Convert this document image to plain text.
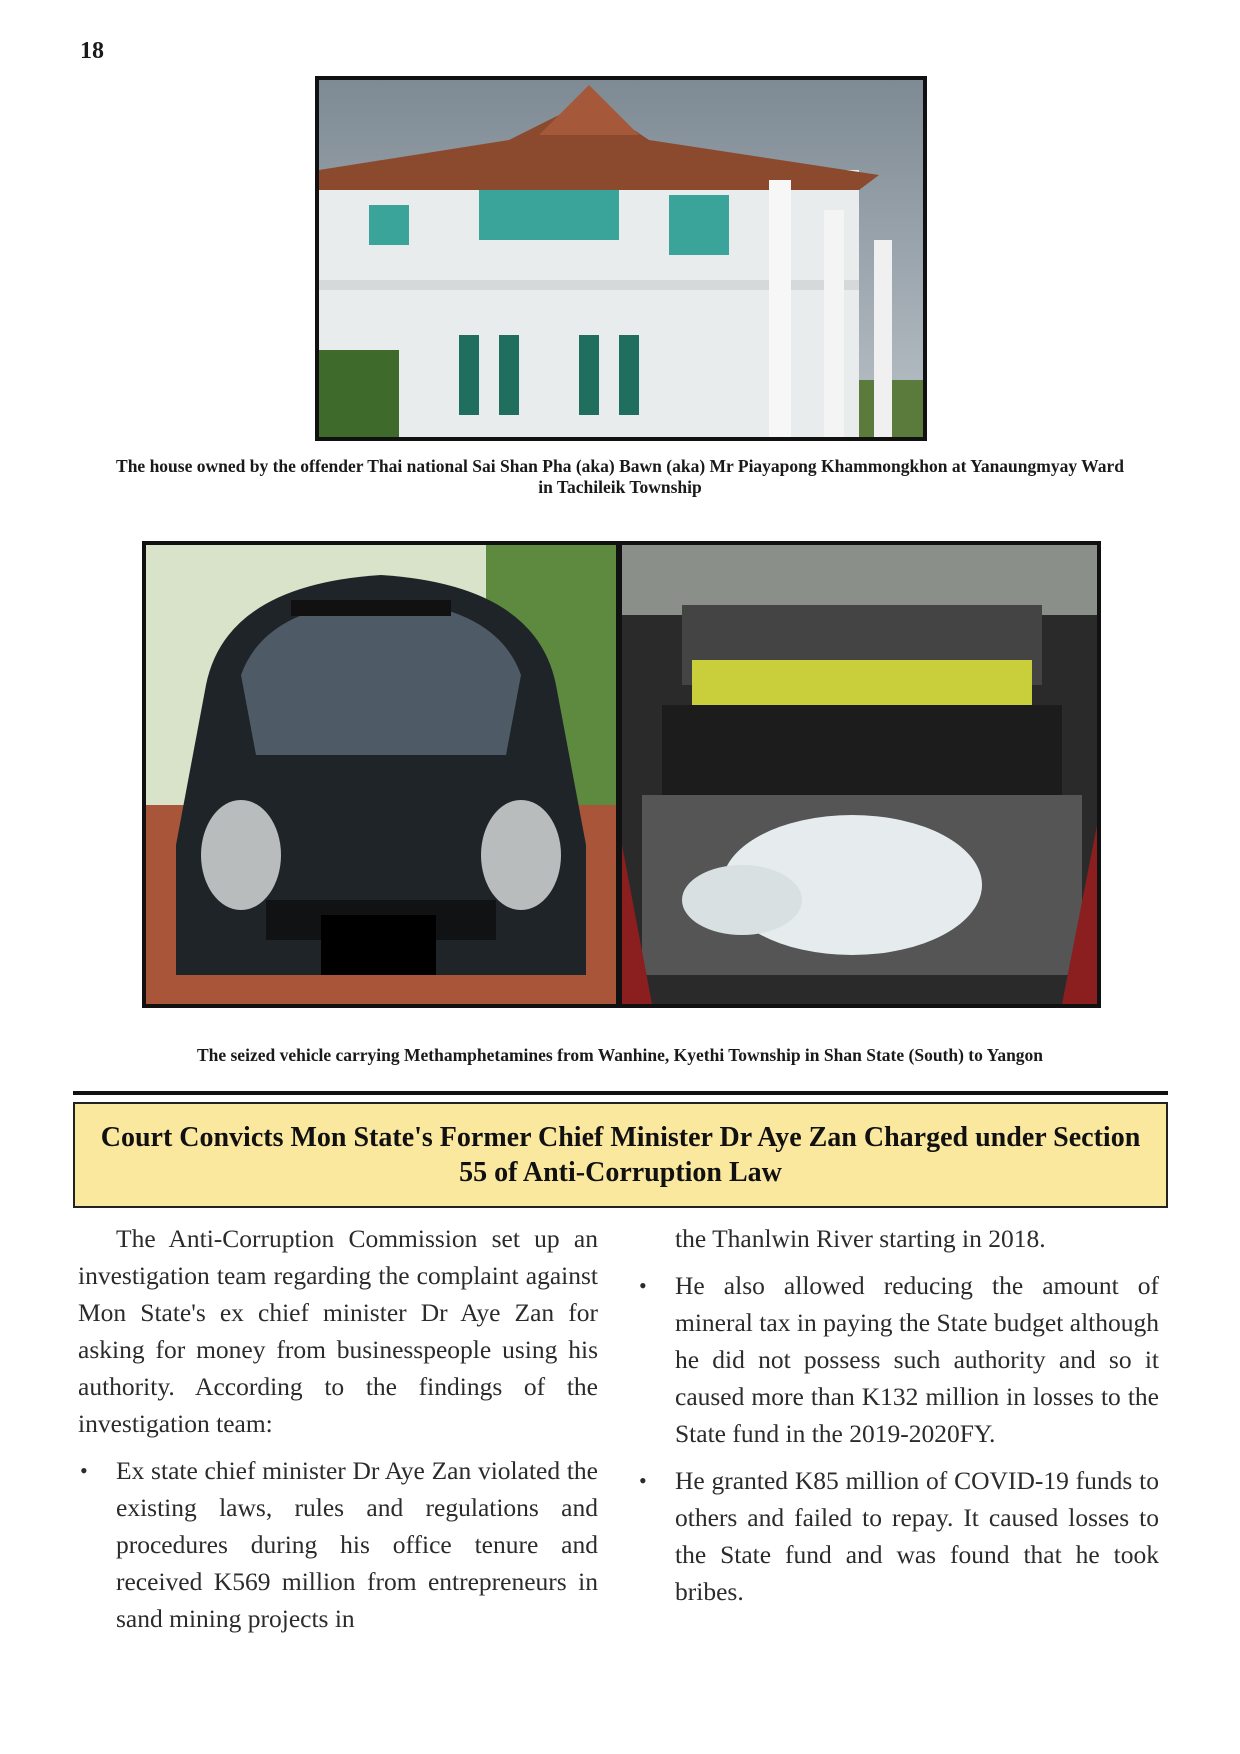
18
The house owned by the offender Thai national Sai Shan Pha (aka) Bawn (aka) Mr Piayapong Khammongkhon at Yanaungmyay Ward in Tachileik Township
The seized vehicle carrying Methamphetamines from Wanhine, Kyethi Township in Shan State (South) to Yangon
Court Convicts Mon State's Former Chief Minister Dr Aye Zan Charged under Section 55 of Anti-Corruption Law

The Anti-Corruption Commission set up an investigation team regarding the complaint against Mon State's ex chief minister Dr Aye Zan for asking for money from businesspeople using his authority. According to the findings of the investigation team:

• Ex state chief minister Dr Aye Zan violated the existing laws, rules and regulations and procedures during his office tenure and received K569 million from entrepreneurs in sand mining projects in

the Thanlwin River starting in 2018.

• He also allowed reducing the amount of mineral tax in paying the State budget although he did not possess such authority and so it caused more than K132 million in losses to the State fund in the 2019-2020FY.
• He granted K85 million of COVID-19 funds to others and failed to repay. It caused losses to the State fund and was found that he took bribes.
